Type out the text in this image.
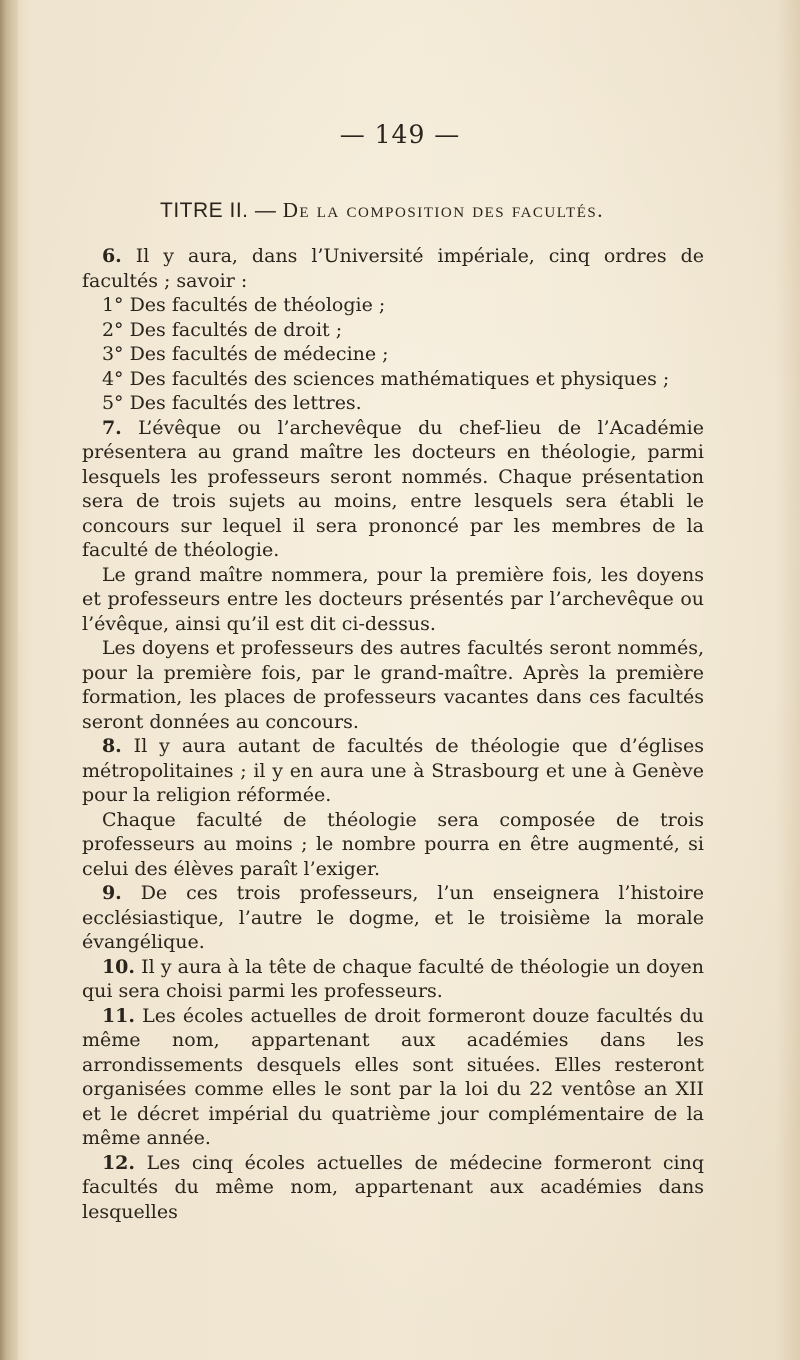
— 149 —
TITRE II. — De la composition des facultés.

6. Il y aura, dans l’Université impériale, cinq ordres de facultés ; savoir :

1° Des facultés de théologie ;

2° Des facultés de droit ;

3° Des facultés de médecine ;

4° Des facultés des sciences mathématiques et physiques ;

5° Des facultés des lettres.

7. L’évêque ou l’archevêque du chef-lieu de l’Académie présentera au grand maître les docteurs en théologie, parmi lesquels les professeurs seront nommés. Chaque présentation sera de trois sujets au moins, entre lesquels sera établi le concours sur lequel il sera prononcé par les membres de la faculté de théologie.

Le grand maître nommera, pour la première fois, les doyens et professeurs entre les docteurs présentés par l’archevêque ou l’évêque, ainsi qu’il est dit ci-dessus.

Les doyens et professeurs des autres facultés seront nommés, pour la première fois, par le grand-maître. Après la première formation, les places de professeurs vacantes dans ces facultés seront données au concours.

8. Il y aura autant de facultés de théologie que d’églises métropolitaines ; il y en aura une à Strasbourg et une à Genève pour la religion réformée.

Chaque faculté de théologie sera composée de trois professeurs au moins ; le nombre pourra en être augmenté, si celui des élèves paraît l’exiger.

9. De ces trois professeurs, l’un enseignera l’histoire ecclésiastique, l’autre le dogme, et le troisième la morale évangélique.

10. Il y aura à la tête de chaque faculté de théologie un doyen qui sera choisi parmi les professeurs.

11. Les écoles actuelles de droit formeront douze facultés du même nom, appartenant aux académies dans les arrondissements desquels elles sont situées. Elles resteront organisées comme elles le sont par la loi du 22 ventôse an XII et le décret impérial du quatrième jour complémentaire de la même année.

12. Les cinq écoles actuelles de médecine formeront cinq facultés du même nom, appartenant aux académies dans lesquelles
